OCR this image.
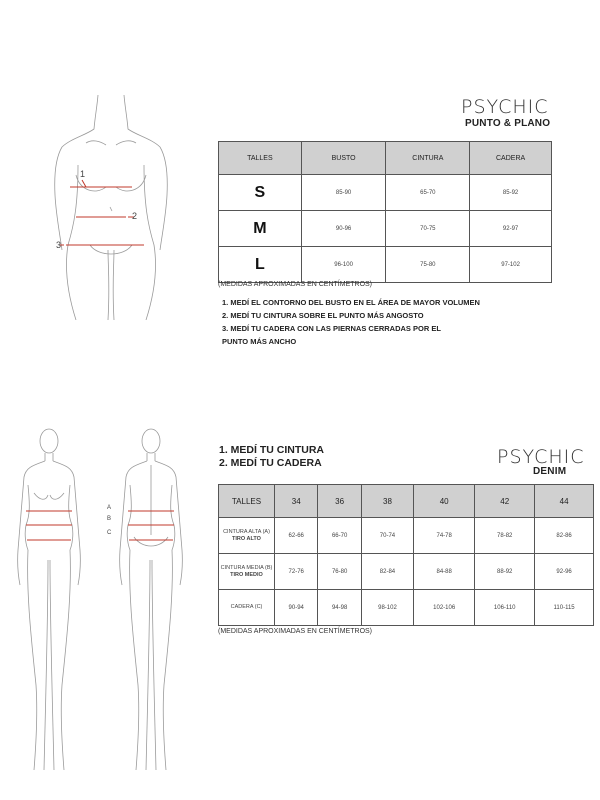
1
2
3
PSYCHIC
PUNTO & PLANO
TALLES	BUSTO	CINTURA	CADERA
S	85-90	65-70	85-92
M	90-96	70-75	92-97
L	96-100	75-80	97-102
(MEDIDAS APROXIMADAS EN CENTÍMETROS)
1. MEDÍ EL CONTORNO DEL BUSTO EN EL ÁREA DE MAYOR VOLUMEN
2. MEDÍ TU CINTURA SOBRE EL PUNTO MÁS ANGOSTO
3. MEDÍ TU CADERA CON LAS PIERNAS CERRADAS POR EL
PUNTO MÁS ANCHO
A
B
C
1. MEDÍ TU CINTURA
2. MEDÍ TU CADERA	PSYCHIC
DENIM
TALLES	34	36	38	40	42	44
CINTURA ALTA (A)
TIRO ALTO	62-66	66-70	70-74	74-78	78-82	82-86
CINTURA MEDIA (B)
TIRO MEDIO	72-76	76-80	82-84	84-88	88-92	92-96
CADERA (C)	90-94	94-98	98-102	102-106	106-110	110-115
(MEDIDAS APROXIMADAS EN CENTÍMETROS)
